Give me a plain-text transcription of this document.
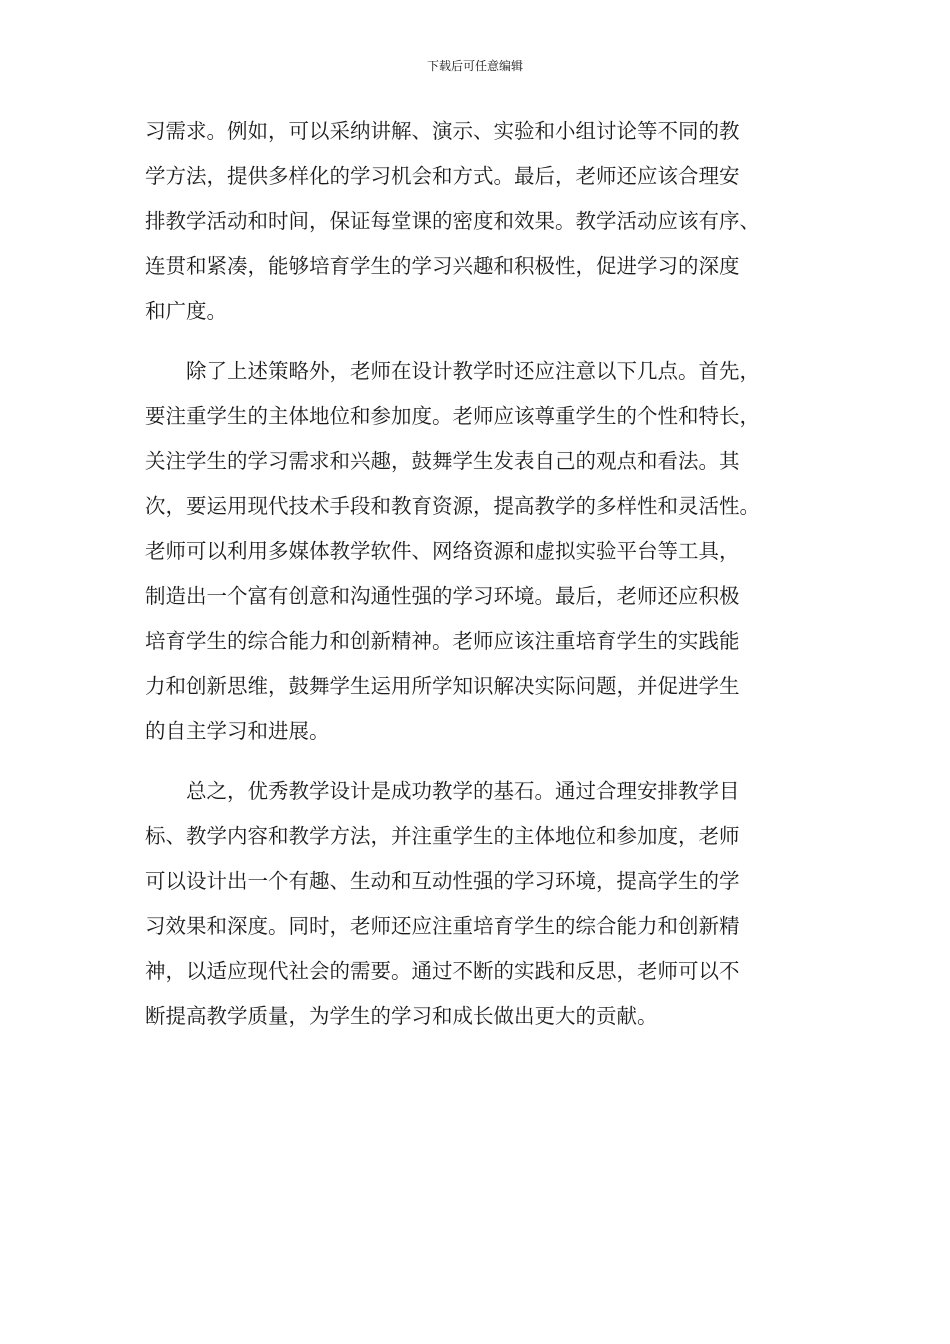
下载后可任意编辑
习需求。例如，可以采纳讲解、演示、实验和小组讨论等不同的教
学方法，提供多样化的学习机会和方式。最后，老师还应该合理安
排教学活动和时间，保证每堂课的密度和效果。教学活动应该有序、
连贯和紧凑，能够培育学生的学习兴趣和积极性，促进学习的深度
和广度。
除了上述策略外，老师在设计教学时还应注意以下几点。首先，
要注重学生的主体地位和参加度。老师应该尊重学生的个性和特长，
关注学生的学习需求和兴趣，鼓舞学生发表自己的观点和看法。其
次，要运用现代技术手段和教育资源，提高教学的多样性和灵活性。
老师可以利用多媒体教学软件、网络资源和虚拟实验平台等工具，
制造出一个富有创意和沟通性强的学习环境。最后，老师还应积极
培育学生的综合能力和创新精神。老师应该注重培育学生的实践能
力和创新思维，鼓舞学生运用所学知识解决实际问题，并促进学生
的自主学习和进展。
总之，优秀教学设计是成功教学的基石。通过合理安排教学目
标、教学内容和教学方法，并注重学生的主体地位和参加度，老师
可以设计出一个有趣、生动和互动性强的学习环境，提高学生的学
习效果和深度。同时，老师还应注重培育学生的综合能力和创新精
神，以适应现代社会的需要。通过不断的实践和反思，老师可以不
断提高教学质量，为学生的学习和成长做出更大的贡献。
